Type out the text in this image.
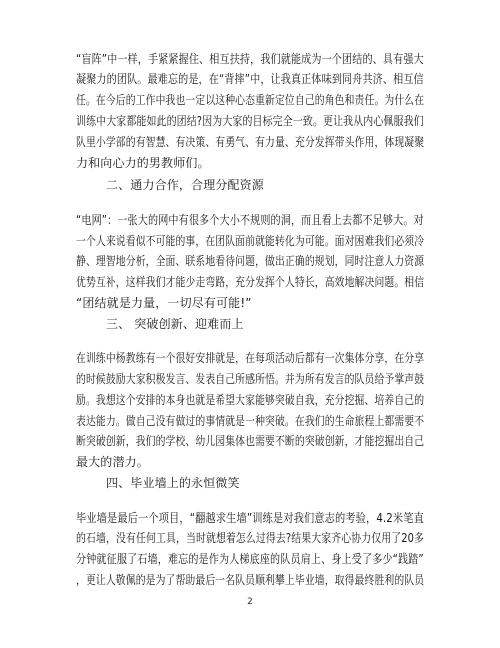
“盲阵”中一样，手紧紧握住、相互扶持，我们就能成为一个团结的、具有强大
凝聚力的团队。最难忘的是，在“背摔”中，让我真正体味到同舟共济、相互信
任。在今后的工作中我也一定以这种心态重新定位自己的角色和责任。为什么在
训练中大家都能如此的团结?因为大家的目标完全一致。更让我从内心佩服我们
队里小学部的有智慧、有决策、有勇气、有力量、充分发挥带头作用，体现凝聚
力和向心力的男教师们。
二、通力合作，合理分配资源
“电网”：一张大的网中有很多个大小不规则的洞，而且看上去都不足够大。对
一个人来说看似不可能的事，在团队面前就能转化为可能。面对困难我们必须冷
静、理智地分析，全面、联系地看待问题，做出正确的规划，同时注意人力资源
优势互补，这样我们才能少走弯路，充分发挥个人特长，高效地解决问题。相信
“团结就是力量，一切尽有可能!”
三、 突破创新、迎难而上
在训练中杨教练有一个很好安排就是，在每项活动后都有一次集体分享，在分享
的时候鼓励大家积极发言、发表自己所感所悟。并为所有发言的队员给予掌声鼓
励。我想这个安排的本身也就是希望大家能够突破自我，充分挖掘、培养自己的
表达能力。做自己没有做过的事情就是一种突破。在我们的生命旅程上都需要不
断突破创新，我们的学校、幼儿园集体也需要不断的突破创新，才能挖掘出自己
最大的潜力。
四、毕业墙上的永恒微笑
毕业墙是最后一个项目，“翻越求生墙”训练是对我们意志的考验，4.2米笔直
的石墙，没有任何工具，当时就想着怎么过得去?结果大家齐心协力仅用了20多
分钟就征服了石墙，难忘的是作为人梯底座的队员肩上、身上受了多少“践踏”
，更让人敬佩的是为了帮助最后一名队员顺利攀上毕业墙，取得最终胜利的队员
2
